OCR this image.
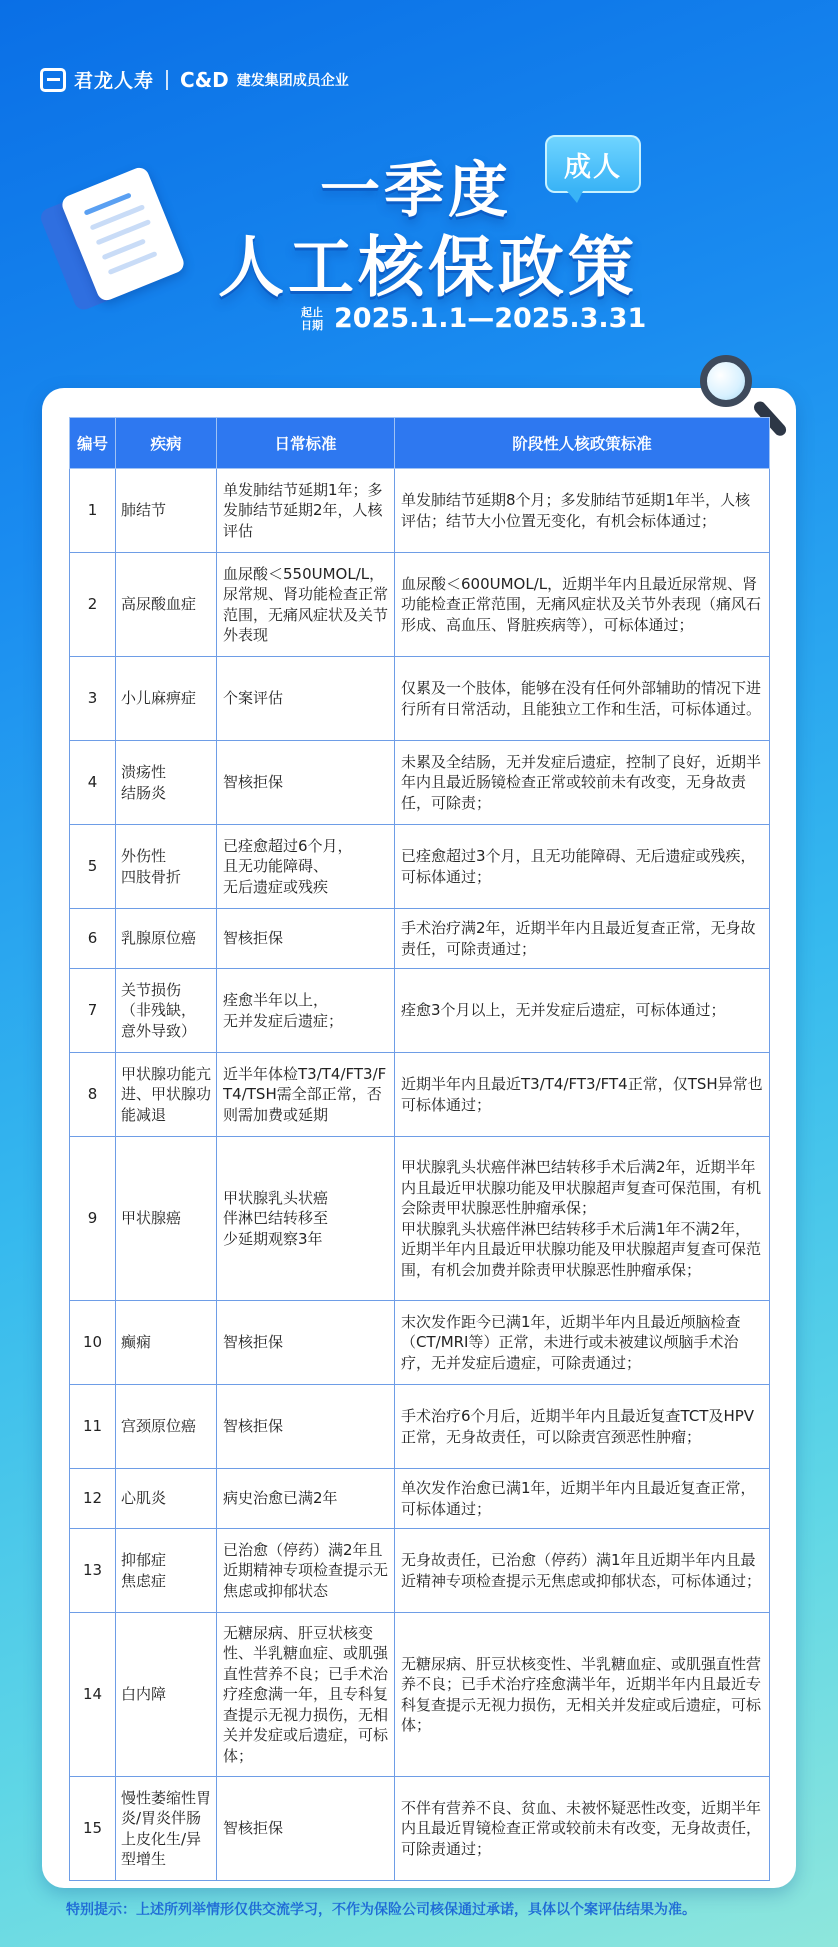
君龙人寿 C&D 建发集团成员企业
一季度	成人
人工核保政策
起止
日期 2025.1.1—2025.3.31
编号	疾病	日常标准	阶段性人核政策标准
1	肺结节	单发肺结节延期1年；多发肺结节延期2年，人核评估	单发肺结节延期8个月；多发肺结节延期1年半，人核评估；结节大小位置无变化，有机会标体通过；
2	高尿酸血症	血尿酸＜550UMOL/L，尿常规、肾功能检查正常范围，无痛风症状及关节外表现	血尿酸＜600UMOL/L，近期半年内且最近尿常规、肾功能检查正常范围，无痛风症状及关节外表现（痛风石形成、高血压、肾脏疾病等），可标体通过；
3	小儿麻痹症	个案评估	仅累及一个肢体，能够在没有任何外部辅助的情况下进行所有日常活动，且能独立工作和生活，可标体通过。
4	溃疡性
结肠炎	智核拒保	未累及全结肠，无并发症后遗症，控制了良好，近期半年内且最近肠镜检查正常或较前未有改变，无身故责任，可除责；
5	外伤性
四肢骨折	已痊愈超过6个月，
且无功能障碍、
无后遗症或残疾	已痊愈超过3个月，且无功能障碍、无后遗症或残疾，可标体通过；
6	乳腺原位癌	智核拒保	手术治疗满2年，近期半年内且最近复查正常，无身故责任，可除责通过；
7	关节损伤
（非残缺，
意外导致）	痊愈半年以上，
无并发症后遗症；	痊愈3个月以上，无并发症后遗症，可标体通过；
8	甲状腺功能亢进、甲状腺功能减退	近半年体检T3/T4/FT3/FT4/TSH需全部正常，否则需加费或延期	近期半年内且最近T3/T4/FT3/FT4正常，仅TSH异常也可标体通过；
9	甲状腺癌	甲状腺乳头状癌
伴淋巴结转移至
少延期观察3年	甲状腺乳头状癌伴淋巴结转移手术后满2年，近期半年内且最近甲状腺功能及甲状腺超声复查可保范围，有机会除责甲状腺恶性肿瘤承保；
甲状腺乳头状癌伴淋巴结转移手术后满1年不满2年，近期半年内且最近甲状腺功能及甲状腺超声复查可保范围，有机会加费并除责甲状腺恶性肿瘤承保；
10	癫痫	智核拒保	末次发作距今已满1年，近期半年内且最近颅脑检查（CT/MRI等）正常，未进行或未被建议颅脑手术治疗，无并发症后遗症，可除责通过；
11	宫颈原位癌	智核拒保	手术治疗6个月后，近期半年内且最近复查TCT及HPV正常，无身故责任，可以除责宫颈恶性肿瘤；
12	心肌炎	病史治愈已满2年	单次发作治愈已满1年，近期半年内且最近复查正常，可标体通过；
13	抑郁症
焦虑症	已治愈（停药）满2年且近期精神专项检查提示无焦虑或抑郁状态	无身故责任，已治愈（停药）满1年且近期半年内且最近精神专项检查提示无焦虑或抑郁状态，可标体通过；
14	白内障	无糖尿病、肝豆状核变性、半乳糖血症、或肌强直性营养不良；已手术治疗痊愈满一年，且专科复查提示无视力损伤，无相关并发症或后遗症，可标体；	无糖尿病、肝豆状核变性、半乳糖血症、或肌强直性营养不良；已手术治疗痊愈满半年，近期半年内且最近专科复查提示无视力损伤，无相关并发症或后遗症，可标体；
15	慢性萎缩性胃炎/胃炎伴肠上皮化生/异型增生	智核拒保	不伴有营养不良、贫血、未被怀疑恶性改变，近期半年内且最近胃镜检查正常或较前未有改变，无身故责任，可除责通过；
特别提示：上述所列举情形仅供交流学习，不作为保险公司核保通过承诺，具体以个案评估结果为准。
